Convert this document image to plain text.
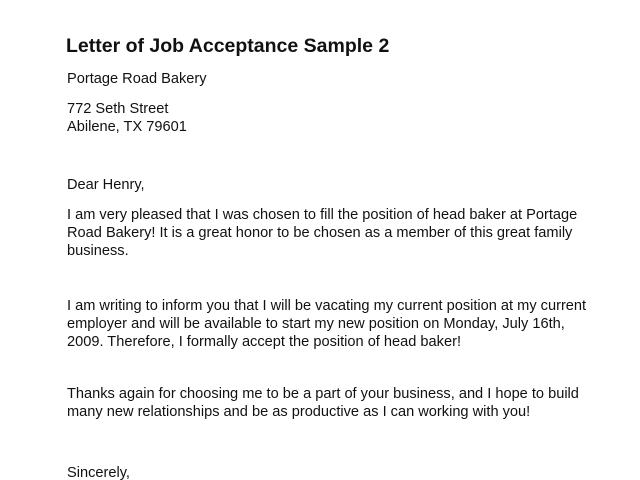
Letter of Job Acceptance Sample 2
Portage Road Bakery
772 Seth Street
Abilene, TX 79601
Dear Henry,
I am very pleased that I was chosen to fill the position of head baker at Portage
Road Bakery! It is a great honor to be chosen as a member of this great family
business.
I am writing to inform you that I will be vacating my current position at my current
employer and will be available to start my new position on Monday, July 16th,
2009. Therefore, I formally accept the position of head baker!
Thanks again for choosing me to be a part of your business, and I hope to build
many new relationships and be as productive as I can working with you!
Sincerely,
